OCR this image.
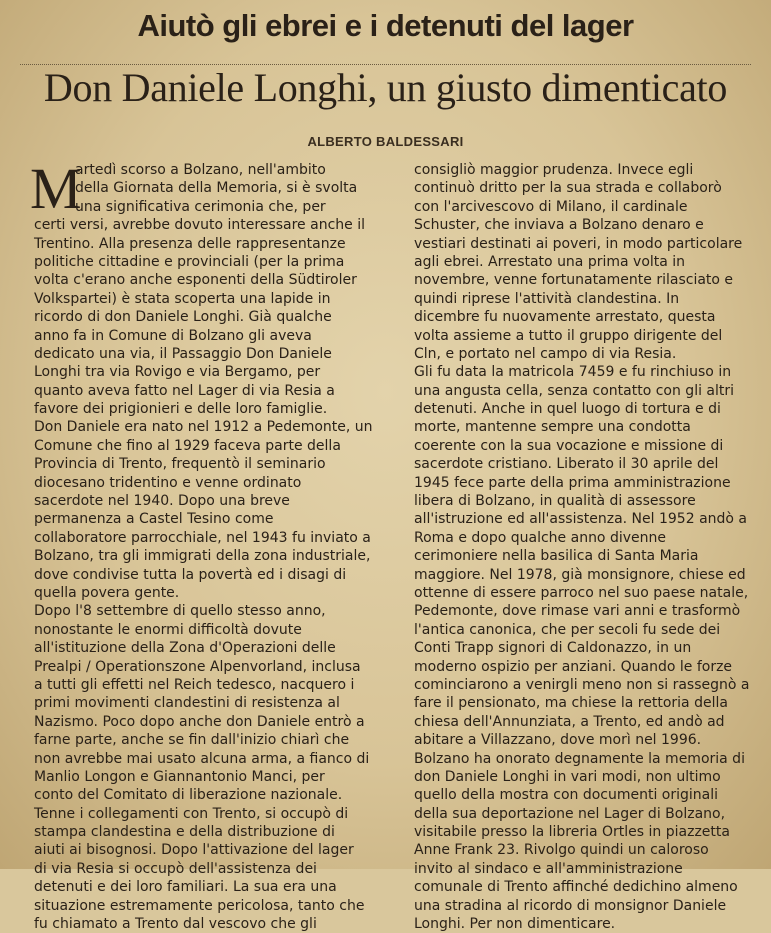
Aiutò gli ebrei e i detenuti del lager
Don Daniele Longhi, un giusto dimenticato
ALBERTO BALDESSARI
M
artedì scorso a Bolzano, nell'ambito
della Giornata della Memoria, si è svolta
una significativa cerimonia che, per
certi versi, avrebbe dovuto interessare anche il
Trentino. Alla presenza delle rappresentanze
politiche cittadine e provinciali (per la prima
volta c'erano anche esponenti della Südtiroler
Volkspartei) è stata scoperta una lapide in
ricordo di don Daniele Longhi. Già qualche
anno fa in Comune di Bolzano gli aveva
dedicato una via, il Passaggio Don Daniele
Longhi tra via Rovigo e via Bergamo, per
quanto aveva fatto nel Lager di via Resia a
favore dei prigionieri e delle loro famiglie.
Don Daniele era nato nel 1912 a Pedemonte, un
Comune che fino al 1929 faceva parte della
Provincia di Trento, frequentò il seminario
diocesano tridentino e venne ordinato
sacerdote nel 1940. Dopo una breve
permanenza a Castel Tesino come
collaboratore parrocchiale, nel 1943 fu inviato a
Bolzano, tra gli immigrati della zona industriale,
dove condivise tutta la povertà ed i disagi di
quella povera gente.
Dopo l'8 settembre di quello stesso anno,
nonostante le enormi difficoltà dovute
all'istituzione della Zona d'Operazioni delle
Prealpi / Operationszone Alpenvorland, inclusa
a tutti gli effetti nel Reich tedesco, nacquero i
primi movimenti clandestini di resistenza al
Nazismo. Poco dopo anche don Daniele entrò a
farne parte, anche se fin dall'inizio chiarì che
non avrebbe mai usato alcuna arma, a fianco di
Manlio Longon e Giannantonio Manci, per
conto del Comitato di liberazione nazionale.
Tenne i collegamenti con Trento, si occupò di
stampa clandestina e della distribuzione di
aiuti ai bisognosi. Dopo l'attivazione del lager
di via Resia si occupò dell'assistenza dei
detenuti e dei loro familiari. La sua era una
situazione estremamente pericolosa, tanto che
fu chiamato a Trento dal vescovo che gli
consigliò maggior prudenza. Invece egli
continuò dritto per la sua strada e collaborò
con l'arcivescovo di Milano, il cardinale
Schuster, che inviava a Bolzano denaro e
vestiari destinati ai poveri, in modo particolare
agli ebrei. Arrestato una prima volta in
novembre, venne fortunatamente rilasciato e
quindi riprese l'attività clandestina. In
dicembre fu nuovamente arrestato, questa
volta assieme a tutto il gruppo dirigente del
Cln, e portato nel campo di via Resia.
Gli fu data la matricola 7459 e fu rinchiuso in
una angusta cella, senza contatto con gli altri
detenuti. Anche in quel luogo di tortura e di
morte, mantenne sempre una condotta
coerente con la sua vocazione e missione di
sacerdote cristiano. Liberato il 30 aprile del
1945 fece parte della prima amministrazione
libera di Bolzano, in qualità di assessore
all'istruzione ed all'assistenza. Nel 1952 andò a
Roma e dopo qualche anno divenne
cerimoniere nella basilica di Santa Maria
maggiore. Nel 1978, già monsignore, chiese ed
ottenne di essere parroco nel suo paese natale,
Pedemonte, dove rimase vari anni e trasformò
l'antica canonica, che per secoli fu sede dei
Conti Trapp signori di Caldonazzo, in un
moderno ospizio per anziani. Quando le forze
cominciarono a venirgli meno non si rassegnò a
fare il pensionato, ma chiese la rettoria della
chiesa dell'Annunziata, a Trento, ed andò ad
abitare a Villazzano, dove morì nel 1996.
Bolzano ha onorato degnamente la memoria di
don Daniele Longhi in vari modi, non ultimo
quello della mostra con documenti originali
della sua deportazione nel Lager di Bolzano,
visitabile presso la libreria Ortles in piazzetta
Anne Frank 23. Rivolgo quindi un caloroso
invito al sindaco e all'amministrazione
comunale di Trento affinché dedichino almeno
una stradina al ricordo di monsignor Daniele
Longhi. Per non dimenticare.
